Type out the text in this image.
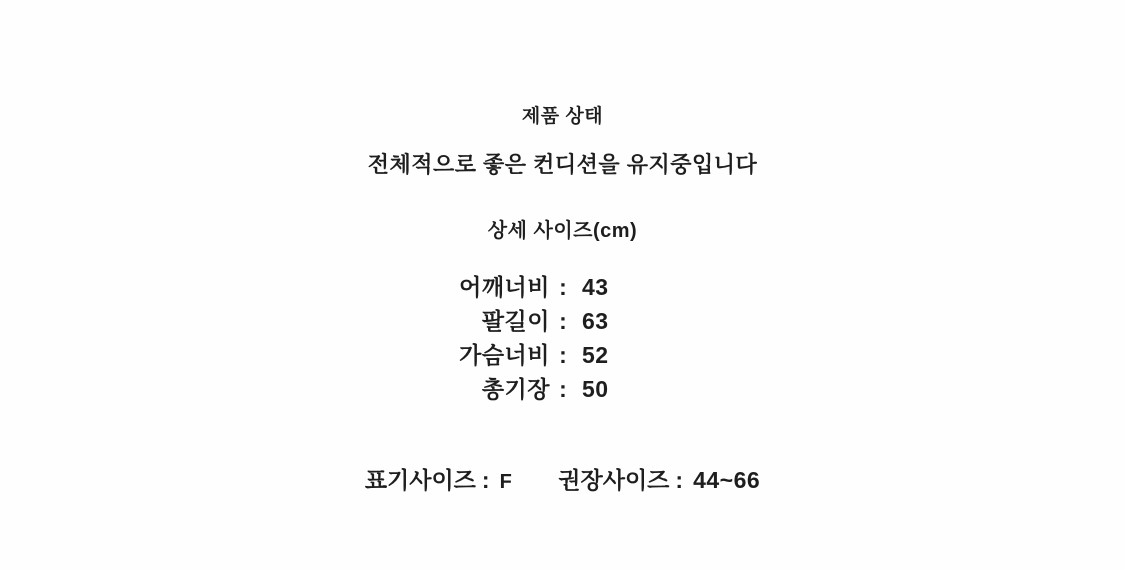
제품 상태
전체적으로 좋은 컨디션을 유지중입니다
상세 사이즈(cm)
어깨너비 : 43
팔길이 : 63
가슴너비 : 52
총기장 : 50
표기사이즈 : F 권장사이즈 : 44~66
